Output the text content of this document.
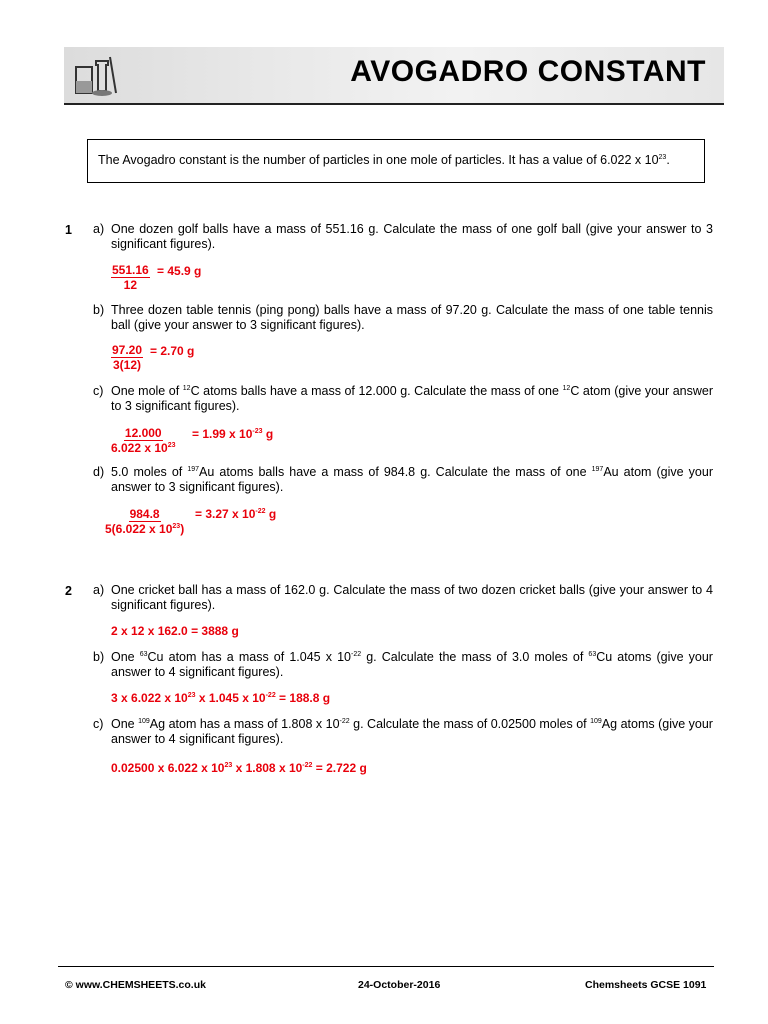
AVOGADRO CONSTANT
The Avogadro constant is the number of particles in one mole of particles. It has a value of 6.022 x $10^{23}$.
1 a) One dozen golf balls have a mass of 551.16 g. Calculate the mass of one golf ball (give your answer to 3 significant figures).
$\frac{551.16}{12} = 45.9$ g
b) Three dozen table tennis (ping pong) balls have a mass of 97.20 g. Calculate the mass of one table tennis ball (give your answer to 3 significant figures).
$\frac{97.20}{3(12)} = 2.70$ g
c) One mole of $^{12}$C atoms balls have a mass of 12.000 g. Calculate the mass of one $^{12}$C atom (give your answer to 3 significant figures).
$\frac{12.000}{6.022 x 10^{23}} = 1.99$ x $10^{-23}$ g
d) 5.0 moles of $^{197}$Au atoms balls have a mass of 984.8 g. Calculate the mass of one $^{197}$Au atom (give your answer to 3 significant figures).
$\frac{984.8}{5(6.022 x 10^{23})} = 3.27$ x $10^{-22}$ g
2 a) One cricket ball has a mass of 162.0 g. Calculate the mass of two dozen cricket balls (give your answer to 4 significant figures).
2 x 12 x 162.0 = 3888 g
b) One $^{63}$Cu atom has a mass of 1.045 x $10^{-22}$ g. Calculate the mass of 3.0 moles of $^{63}$Cu atoms (give your answer to 4 significant figures).
3 x 6.022 x $10^{23}$ x 1.045 x $10^{-22} = 188.8$ g
c) One $^{109}$Ag atom has a mass of 1.808 x $10^{-22}$ g. Calculate the mass of 0.02500 moles of $^{109}$Ag atoms (give your answer to 4 significant figures).
0.02500 x 6.022 x $10^{23}$ x 1.808 x $10^{-22} = 2.722$ g
© www.CHEMSHEETS.co.uk	24-October-2016	Chemsheets GCSE 1091
